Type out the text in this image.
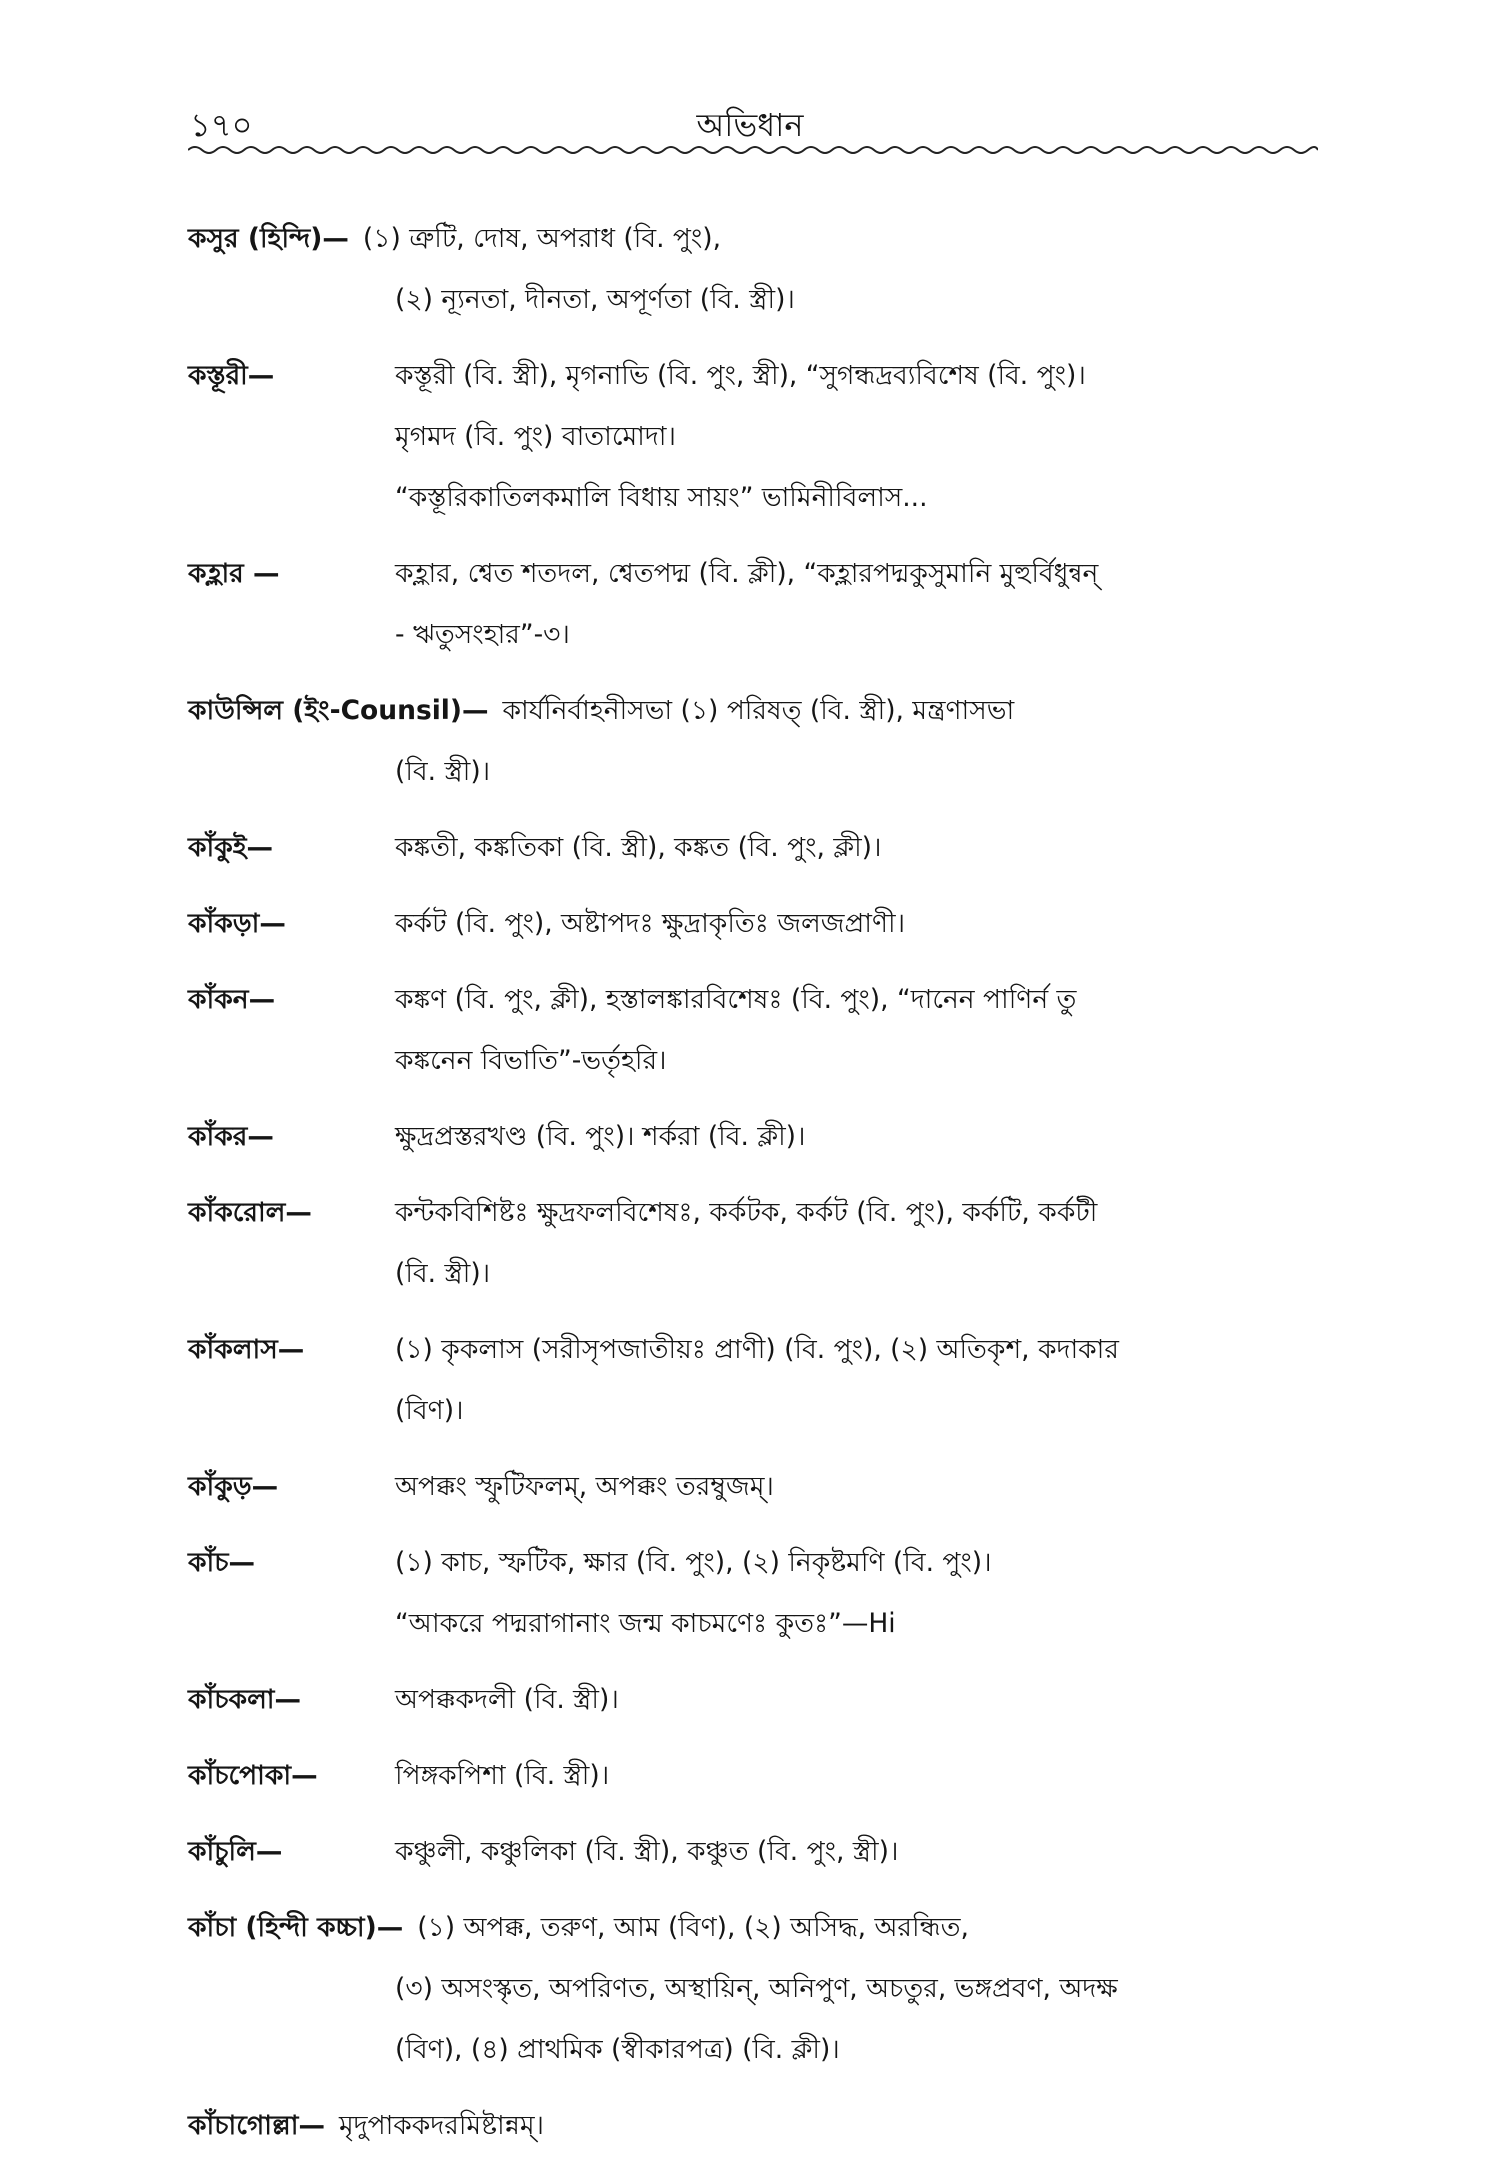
১৭০	অভিধান
কসুর (হিন্দি)— (১) ত্রুটি, দোষ, অপরাধ (বি. পুং),
(২) ন্যূনতা, দীনতা, অপূর্ণতা (বি. স্ত্রী)।
কস্তূরী—	কস্তূরী (বি. স্ত্রী), মৃগনাভি (বি. পুং, স্ত্রী), “সুগন্ধদ্রব্যবিশেষ (বি. পুং)।
মৃগমদ (বি. পুং) বাতামোদা।
“কস্তূরিকাতিলকমালি বিধায় সায়ং” ভামিনীবিলাস...
কহ্লার —	কহ্লার, শ্বেত শতদল, শ্বেতপদ্ম (বি. ক্লী), “কহ্লারপদ্মকুসুমানি মুহুর্বিধুন্বন্
- ঋতুসংহার”-৩।
কাউন্সিল (ইং-Counsil)— কার্যনির্বাহনীসভা (১) পরিষত্‌ (বি. স্ত্রী), মন্ত্রণাসভা
(বি. স্ত্রী)।
কাঁকুই—	কঙ্কতী, কঙ্কতিকা (বি. স্ত্রী), কঙ্কত (বি. পুং, ক্লী)।
কাঁকড়া—	কর্কট (বি. পুং), অষ্টাপদঃ ক্ষুদ্রাকৃতিঃ জলজপ্রাণী।
কাঁকন—	কঙ্কণ (বি. পুং, ক্লী), হস্তালঙ্কারবিশেষঃ (বি. পুং), “দানেন পাণির্ন তু
কঙ্কনেন বিভাতি”-ভর্তৃহরি।
কাঁকর—	ক্ষুদ্রপ্রস্তরখণ্ড (বি. পুং)। শর্করা (বি. ক্লী)।
কাঁকরোল—	কন্টকবিশিষ্টঃ ক্ষুদ্রফলবিশেষঃ, কর্কটক, কর্কট (বি. পুং), কর্কটি, কর্কটী
(বি. স্ত্রী)।
কাঁকলাস—	(১) কৃকলাস (সরীসৃপজাতীয়ঃ প্রাণী) (বি. পুং), (২) অতিকৃশ, কদাকার
(বিণ)।
কাঁকুড়—	অপক্কং স্ফুটিফলম্‌, অপক্কং তরম্বুজম্‌।
কাঁচ—	(১) কাচ, স্ফটিক, ক্ষার (বি. পুং), (২) নিকৃষ্টমণি (বি. পুং)।
“আকরে পদ্মরাগানাং জন্ম কাচমণেঃ কুতঃ”—Hi
কাঁচকলা—	অপক্ককদলী (বি. স্ত্রী)।
কাঁচপোকা—	পিঙ্গকপিশা (বি. স্ত্রী)।
কাঁচুলি—	কঞ্চুলী, কঞ্চুলিকা (বি. স্ত্রী), কঞ্চুত (বি. পুং, স্ত্রী)।
কাঁচা (হিন্দী কচ্চা)— (১) অপক্ক, তরুণ, আম (বিণ), (২) অসিদ্ধ, অরন্ধিত,
(৩) অসংস্কৃত, অপরিণত, অস্থায়িন্‌, অনিপুণ, অচতুর, ভঙ্গপ্রবণ, অদক্ষ
(বিণ), (৪) প্রাথমিক (স্বীকারপত্র) (বি. ক্লী)।
কাঁচাগোল্লা— মৃদুপাককদরমিষ্টান্নম্‌।
